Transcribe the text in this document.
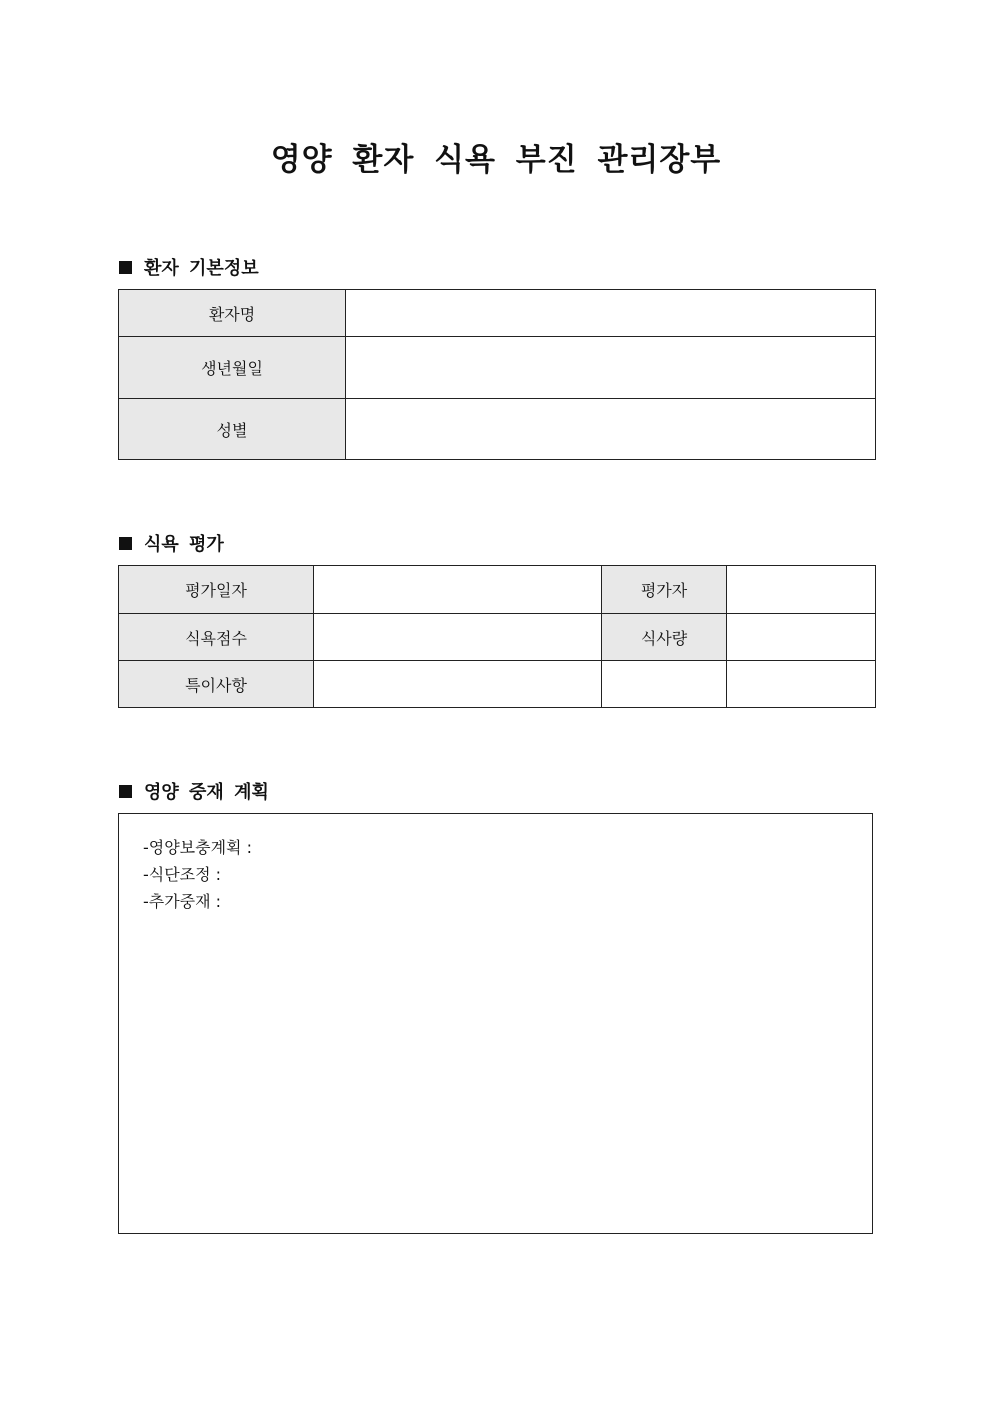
영양 환자 식욕 부진 관리장부
환자 기본정보
환자명	
생년월일	
성별	
식욕 평가
평가일자		평가자	
식욕점수		식사량	
특이사항			
영양 중재 계획
-영양보충계획 :
-식단조정 :
-추가중재 :
